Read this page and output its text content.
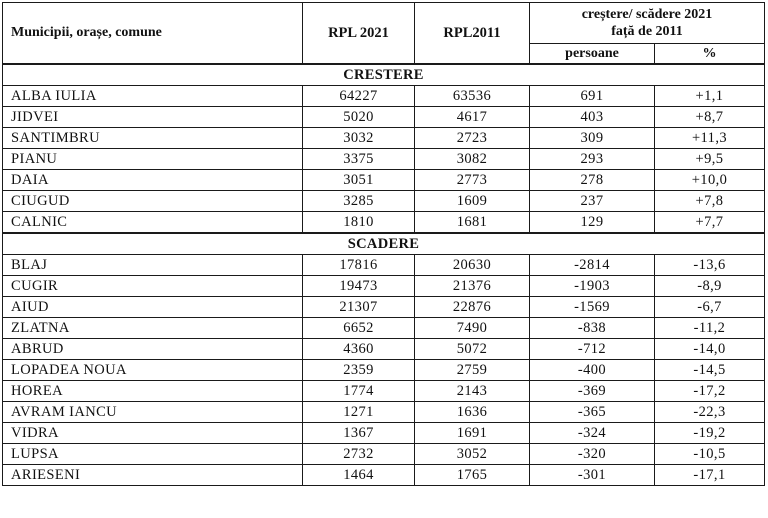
Municipii, orașe, comune	RPL 2021	RPL2011	creștere/ scădere 2021
față de 2011	

			persoane	%
CRESTERE				
ALBA IULIA	64227	63536	691	+1,1
JIDVEI	5020	4617	403	+8,7
SANTIMBRU	3032	2723	309	+11,3
PIANU	3375	3082	293	+9,5
DAIA	3051	2773	278	+10,0
CIUGUD	3285	1609	237	+7,8
CALNIC	1810	1681	129	+7,7
SCADERE				
BLAJ	17816	20630	-2814	-13,6
CUGIR	19473	21376	-1903	-8,9
AIUD	21307	22876	-1569	-6,7
ZLATNA	6652	7490	-838	-11,2
ABRUD	4360	5072	-712	-14,0
LOPADEA NOUA	2359	2759	-400	-14,5
HOREA	1774	2143	-369	-17,2
AVRAM IANCU	1271	1636	-365	-22,3
VIDRA	1367	1691	-324	-19,2
LUPSA	2732	3052	-320	-10,5
ARIESENI	1464	1765	-301	-17,1
